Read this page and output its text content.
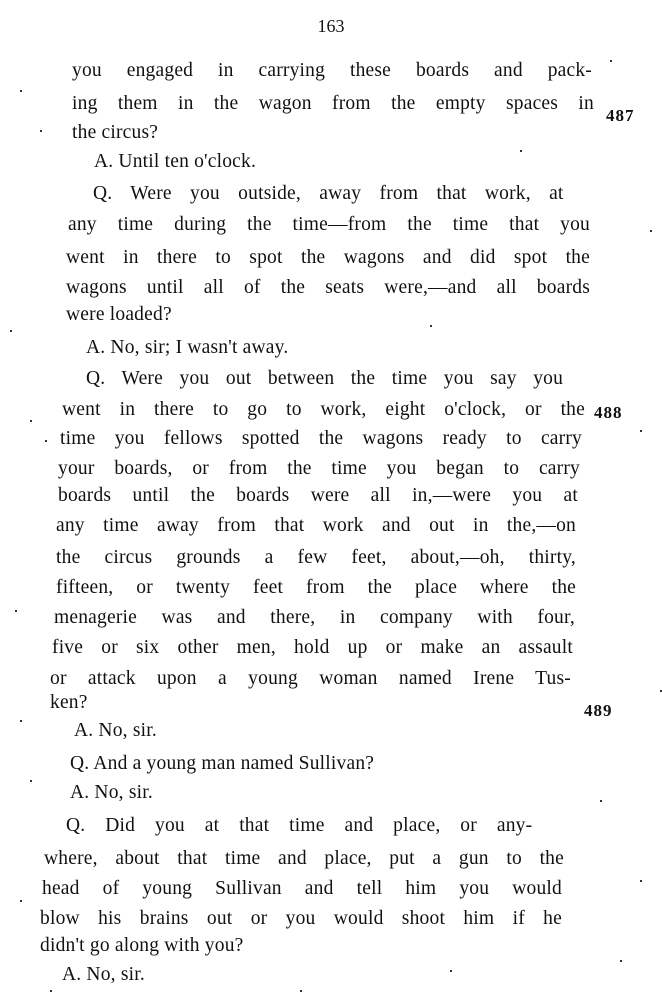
163
you engaged in carrying these boards and pack-
ing them in the wagon from the empty spaces in
the circus?
A. Until ten o'clock.
Q. Were you outside, away from that work, at
any time during the time—from the time that you
went in there to spot the wagons and did spot the
wagons until all of the seats were,—and all boards
were loaded?
A. No, sir; I wasn't away.
Q. Were you out between the time you say you
went in there to go to work, eight o'clock, or the
time you fellows spotted the wagons ready to carry
your boards, or from the time you began to carry
boards until the boards were all in,—were you at
any time away from that work and out in the,—on
the circus grounds a few feet, about,—oh, thirty,
fifteen, or twenty feet from the place where the
menagerie was and there, in company with four,
five or six other men, hold up or make an assault
or attack upon a young woman named Irene Tus-
ken?
A. No, sir.
Q. And a young man named Sullivan?
A. No, sir.
Q. Did you at that time and place, or any-
where, about that time and place, put a gun to the
head of young Sullivan and tell him you would
blow his brains out or you would shoot him if he
didn't go along with you?
A. No, sir.
487
488
489
